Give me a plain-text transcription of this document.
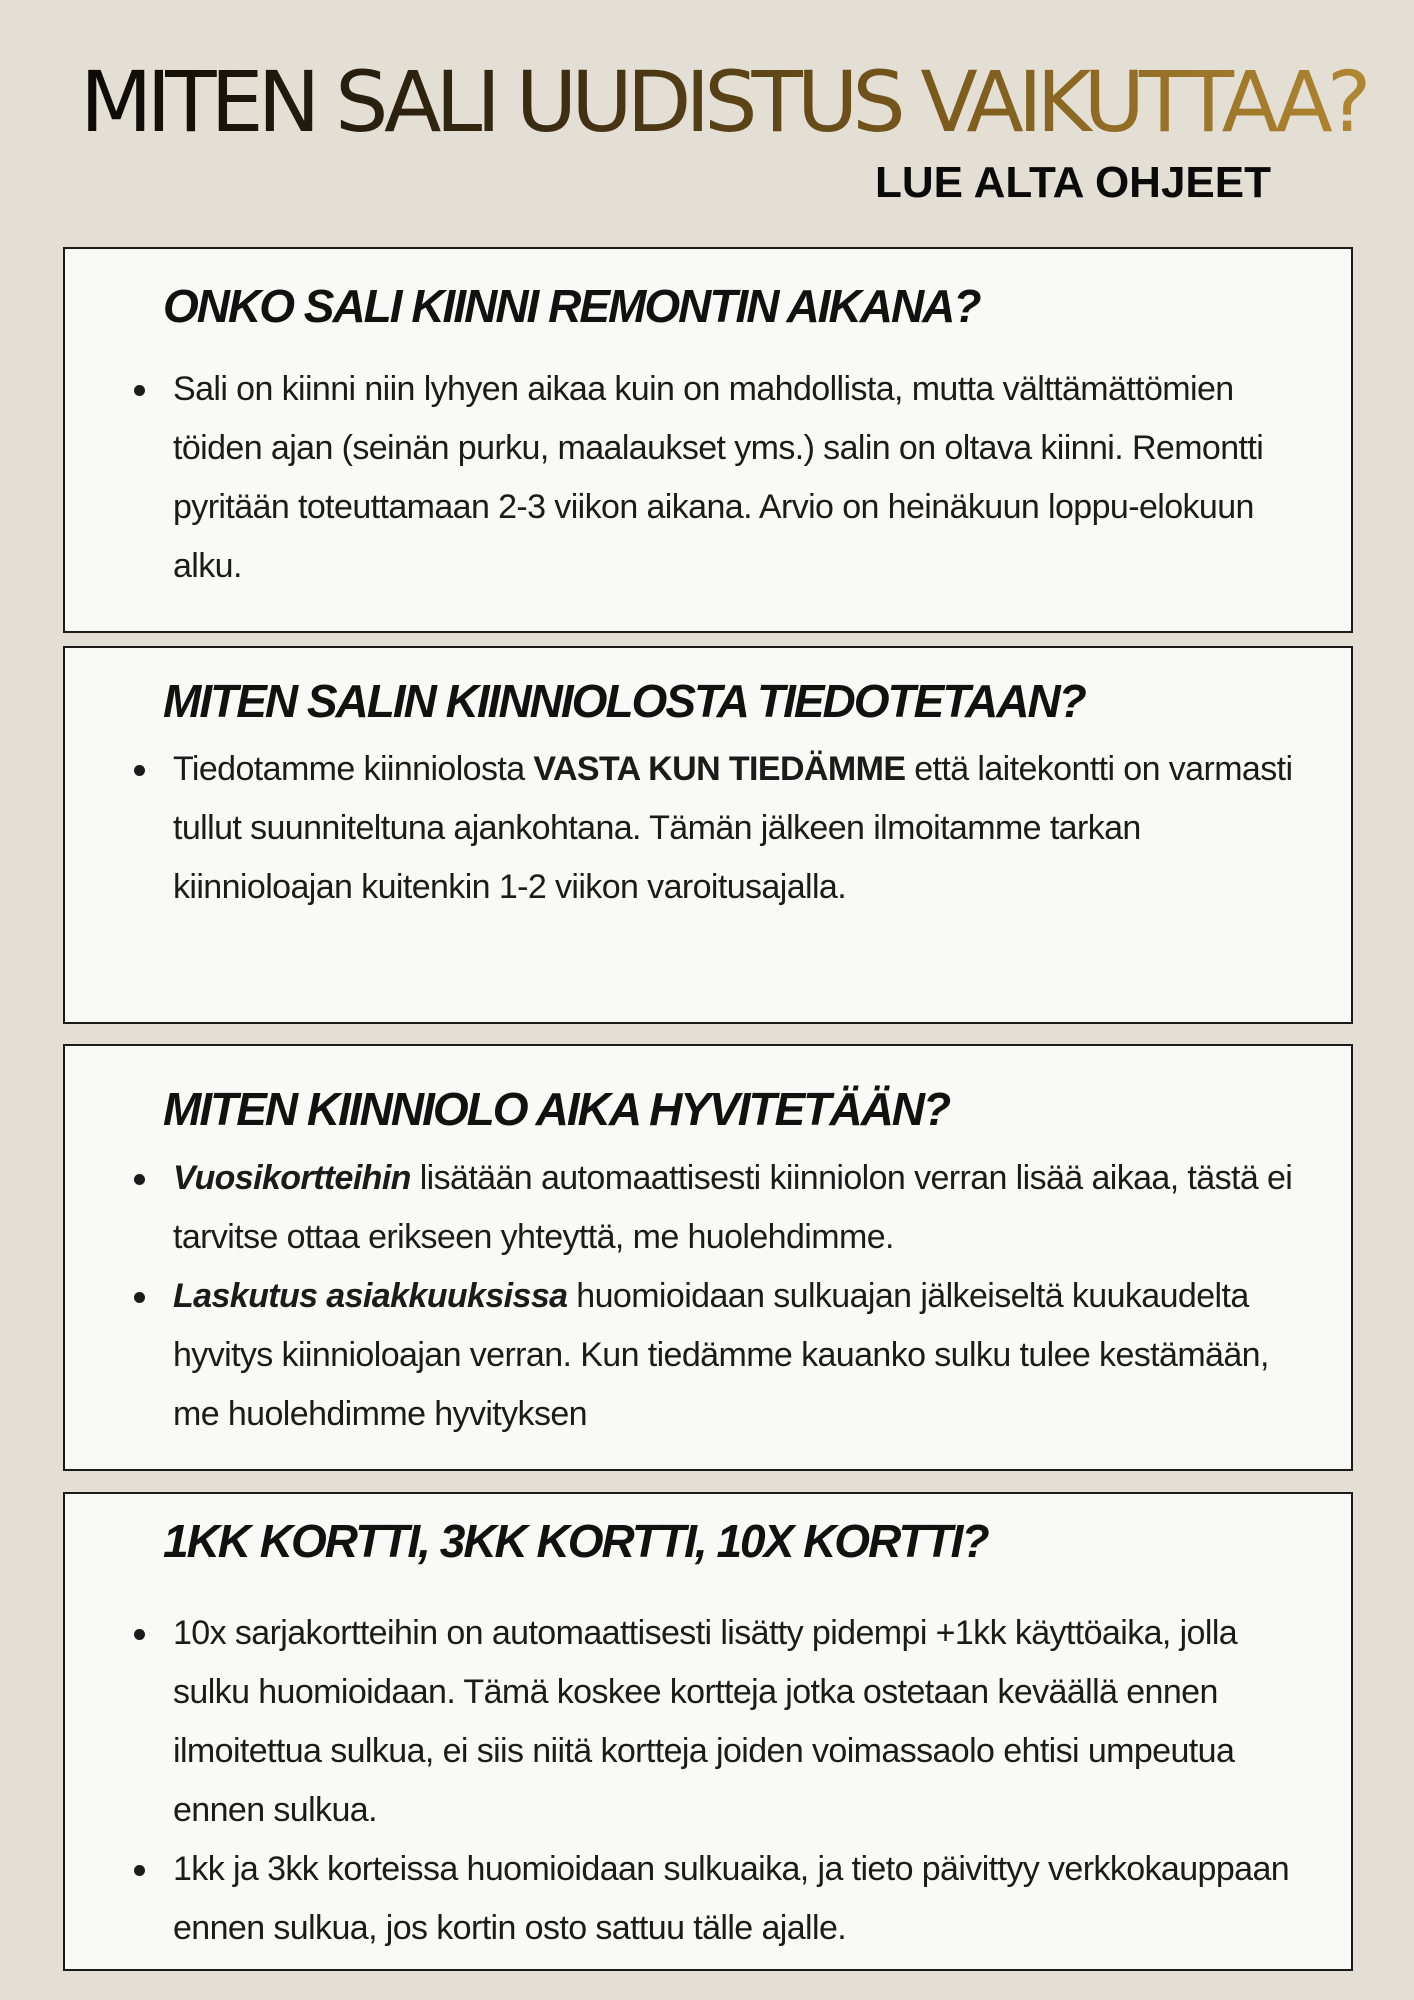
MITEN SALI UUDISTUS VAIKUTTAA?
LUE ALTA OHJEET
ONKO SALI KIINNI REMONTIN AIKANA?
Sali on kiinni niin lyhyen aikaa kuin on mahdollista, mutta välttämättömien töiden ajan (seinän purku, maalaukset yms.) salin on oltava kiinni. Remontti pyritään toteuttamaan 2-3 viikon aikana. Arvio on heinäkuun loppu-elokuun alku.
MITEN SALIN KIINNIOLOSTA TIEDOTETAAN?
Tiedotamme kiinniolosta VASTA KUN TIEDÄMME että laitekontti on varmasti tullut suunniteltuna ajankohtana. Tämän jälkeen ilmoitamme tarkan kiinnioloajan kuitenkin 1-2 viikon varoitusajalla.
MITEN KIINNIOLO AIKA HYVITETÄÄN?
Vuosikortteihin lisätään automaattisesti kiinniolon verran lisää aikaa, tästä ei tarvitse ottaa erikseen yhteyttä, me huolehdimme.
Laskutus asiakkuuksissa huomioidaan sulkuajan jälkeiseltä kuukaudelta hyvitys kiinnioloajan verran. Kun tiedämme kauanko sulku tulee kestämään, me huolehdimme hyvityksen
1KK KORTTI, 3KK KORTTI, 10X KORTTI?
10x sarjakortteihin on automaattisesti lisätty pidempi +1kk käyttöaika, jolla sulku huomioidaan. Tämä koskee kortteja jotka ostetaan keväällä ennen ilmoitettua sulkua, ei siis niitä kortteja joiden voimassaolo ehtisi umpeutua ennen sulkua.
1kk ja 3kk korteissa huomioidaan sulkuaika, ja tieto päivittyy verkkokauppaan ennen sulkua, jos kortin osto sattuu tälle ajalle.
